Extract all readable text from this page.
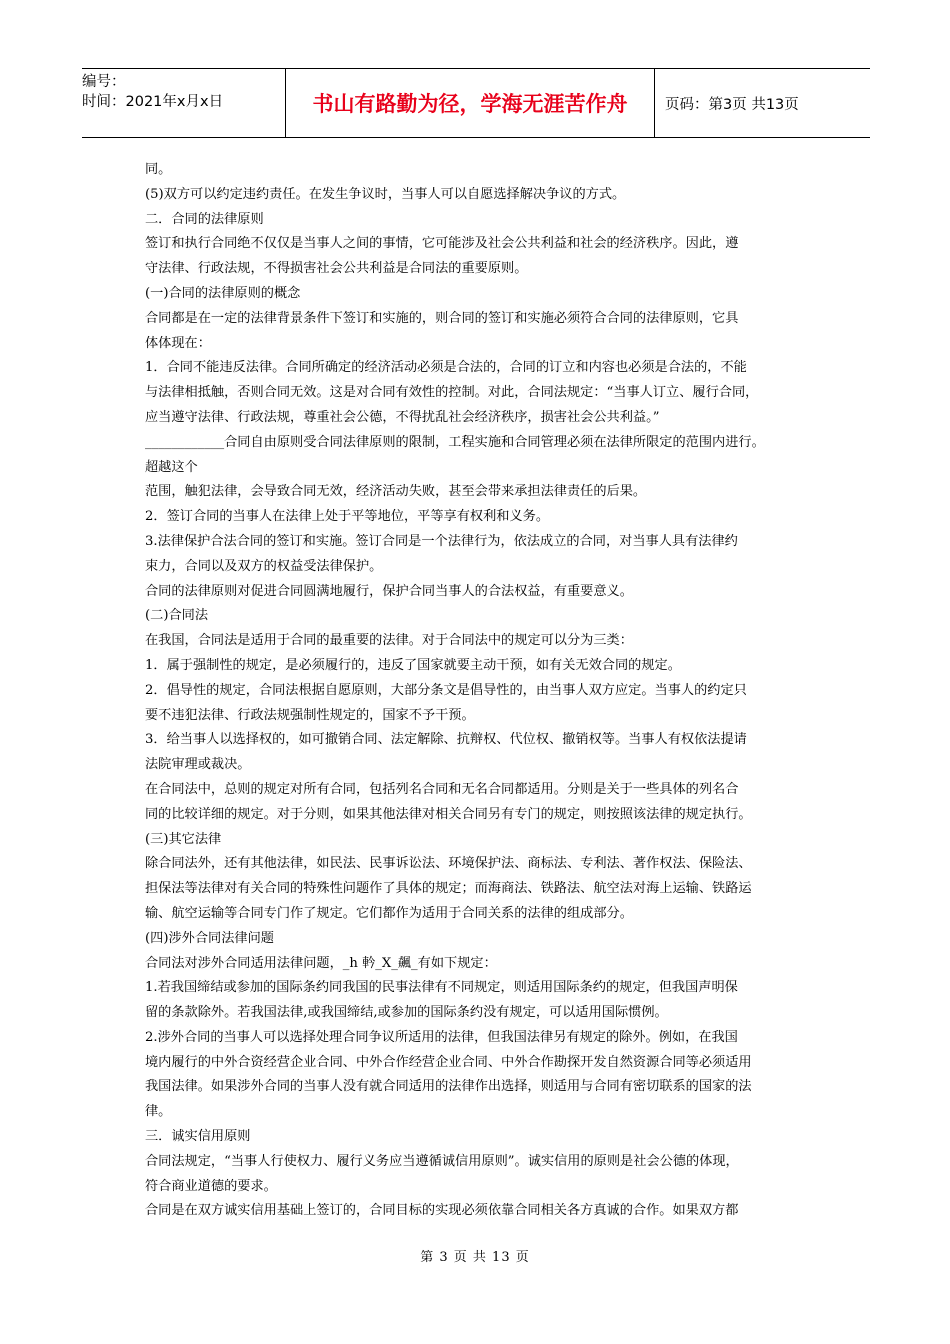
编号：
时间：2021年x月x日	书山有路勤为径，学海无涯苦作舟	页码：第3页 共13页
同。
(5)双方可以约定违约责任。在发生争议时，当事人可以自愿选择解决争议的方式。
二．合同的法律原则
签订和执行合同绝不仅仅是当事人之间的事情，它可能涉及社会公共利益和社会的经济秩序。因此，遵
守法律、行政法规，不得损害社会公共利益是合同法的重要原则。
(一)合同的法律原则的概念
合同都是在一定的法律背景条件下签订和实施的，则合同的签订和实施必须符合合同的法律原则，它具
体体现在：
1．合同不能违反法律。合同所确定的经济活动必须是合法的，合同的订立和内容也必须是合法的，不能
与法律相抵触，否则合同无效。这是对合同有效性的控制。对此，合同法规定：“当事人订立、履行合同，
应当遵守法律、行政法规，尊重社会公德，不得扰乱社会经济秩序，损害社会公共利益。”
____________合同自由原则受合同法律原则的限制，工程实施和合同管理必须在法律所限定的范围内进行。
超越这个
范围，触犯法律，会导致合同无效，经济活动失败，甚至会带来承担法律责任的后果。
2．签订合同的当事人在法律上处于平等地位，平等享有权利和义务。
3.法律保护合法合同的签订和实施。签订合同是一个法律行为，依法成立的合同，对当事人具有法律约
束力，合同以及双方的权益受法律保护。
合同的法律原则对促进合同圆满地履行，保护合同当事人的合法权益，有重要意义。
(二)合同法
在我国，合同法是适用于合同的最重要的法律。对于合同法中的规定可以分为三类：
1．属于强制性的规定，是必须履行的，违反了国家就要主动干预，如有关无效合同的规定。
2．倡导性的规定，合同法根据自愿原则，大部分条文是倡导性的，由当事人双方应定。当事人的约定只
要不违犯法律、行政法规强制性规定的，国家不予干预。
3．给当事人以选择权的，如可撤销合同、法定解除、抗辩权、代位权、撤销权等。当事人有权依法提请
法院审理或裁决。
在合同法中，总则的规定对所有合同，包括列名合同和无名合同都适用。分则是关于一些具体的列名合
同的比较详细的规定。对于分则，如果其他法律对相关合同另有专门的规定，则按照该法律的规定执行。
(三)其它法律
除合同法外，还有其他法律，如民法、民事诉讼法、环境保护法、商标法、专利法、著作权法、保险法、
担保法等法律对有关合同的特殊性问题作了具体的规定；而海商法、铁路法、航空法对海上运输、铁路运
输、航空运输等合同专门作了规定。它们都作为适用于合同关系的法律的组成部分。
(四)涉外合同法律问题
合同法对涉外合同适用法律问题，_h 軡_X_飆_有如下规定：
1.若我国缔结或参加的国际条约同我国的民事法律有不同规定，则适用国际条约的规定，但我国声明保
留的条款除外。若我国法律,或我国缔结,或参加的国际条约没有规定，可以适用国际惯例。
2.涉外合同的当事人可以选择处理合同争议所适用的法律，但我国法律另有规定的除外。例如，在我国
境内履行的中外合资经营企业合同、中外合作经营企业合同、中外合作勘探开发自然资源合同等必须适用
我国法律。如果涉外合同的当事人没有就合同适用的法律作出选择，则适用与合同有密切联系的国家的法
律。
三．诚实信用原则
合同法规定，“当事人行使权力、履行义务应当遵循诚信用原则”。诚实信用的原则是社会公德的体现，
符合商业道德的要求。
合同是在双方诚实信用基础上签订的，合同目标的实现必须依靠合同相关各方真诚的合作。如果双方都
第 3 页 共 13 页
